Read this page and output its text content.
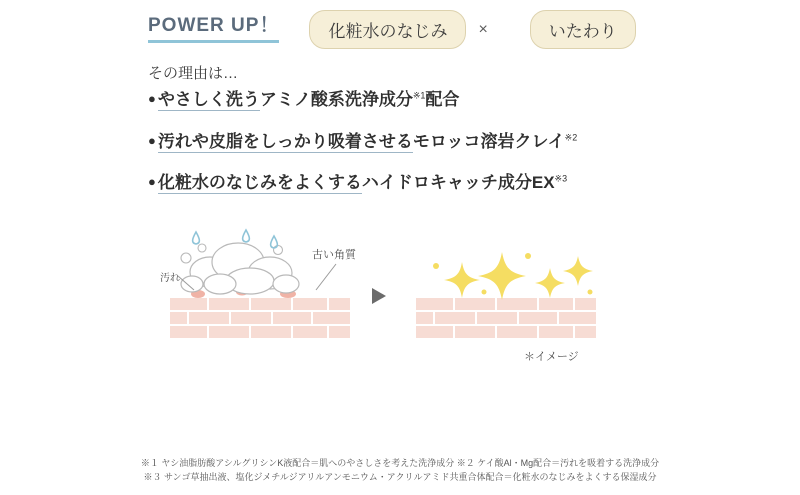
POWER UP！	化粧水のなじみ	×	いたわり
その理由は…
● やさしく洗うアミノ酸系洗浄成分$^{※1}$配合
● 汚れや皮脂をしっかり吸着させるモロッコ溶岩クレイ$^{※2}$
● 化粧水のなじみをよくするハイドロキャッチ成分EX$^{※3}$
古い角質
汚れ
＊イメージ
※１ ヤシ油脂肪酸アシルグリシンK液配合＝肌へのやさしさを考えた洗浄成分 ※２ ケイ酸Al・Mg配合＝汚れを吸着する洗浄成分
※３ サンゴ草抽出液、塩化ジメチルジアリルアンモニウム・アクリルアミド共重合体配合＝化粧水のなじみをよくする保湿成分
